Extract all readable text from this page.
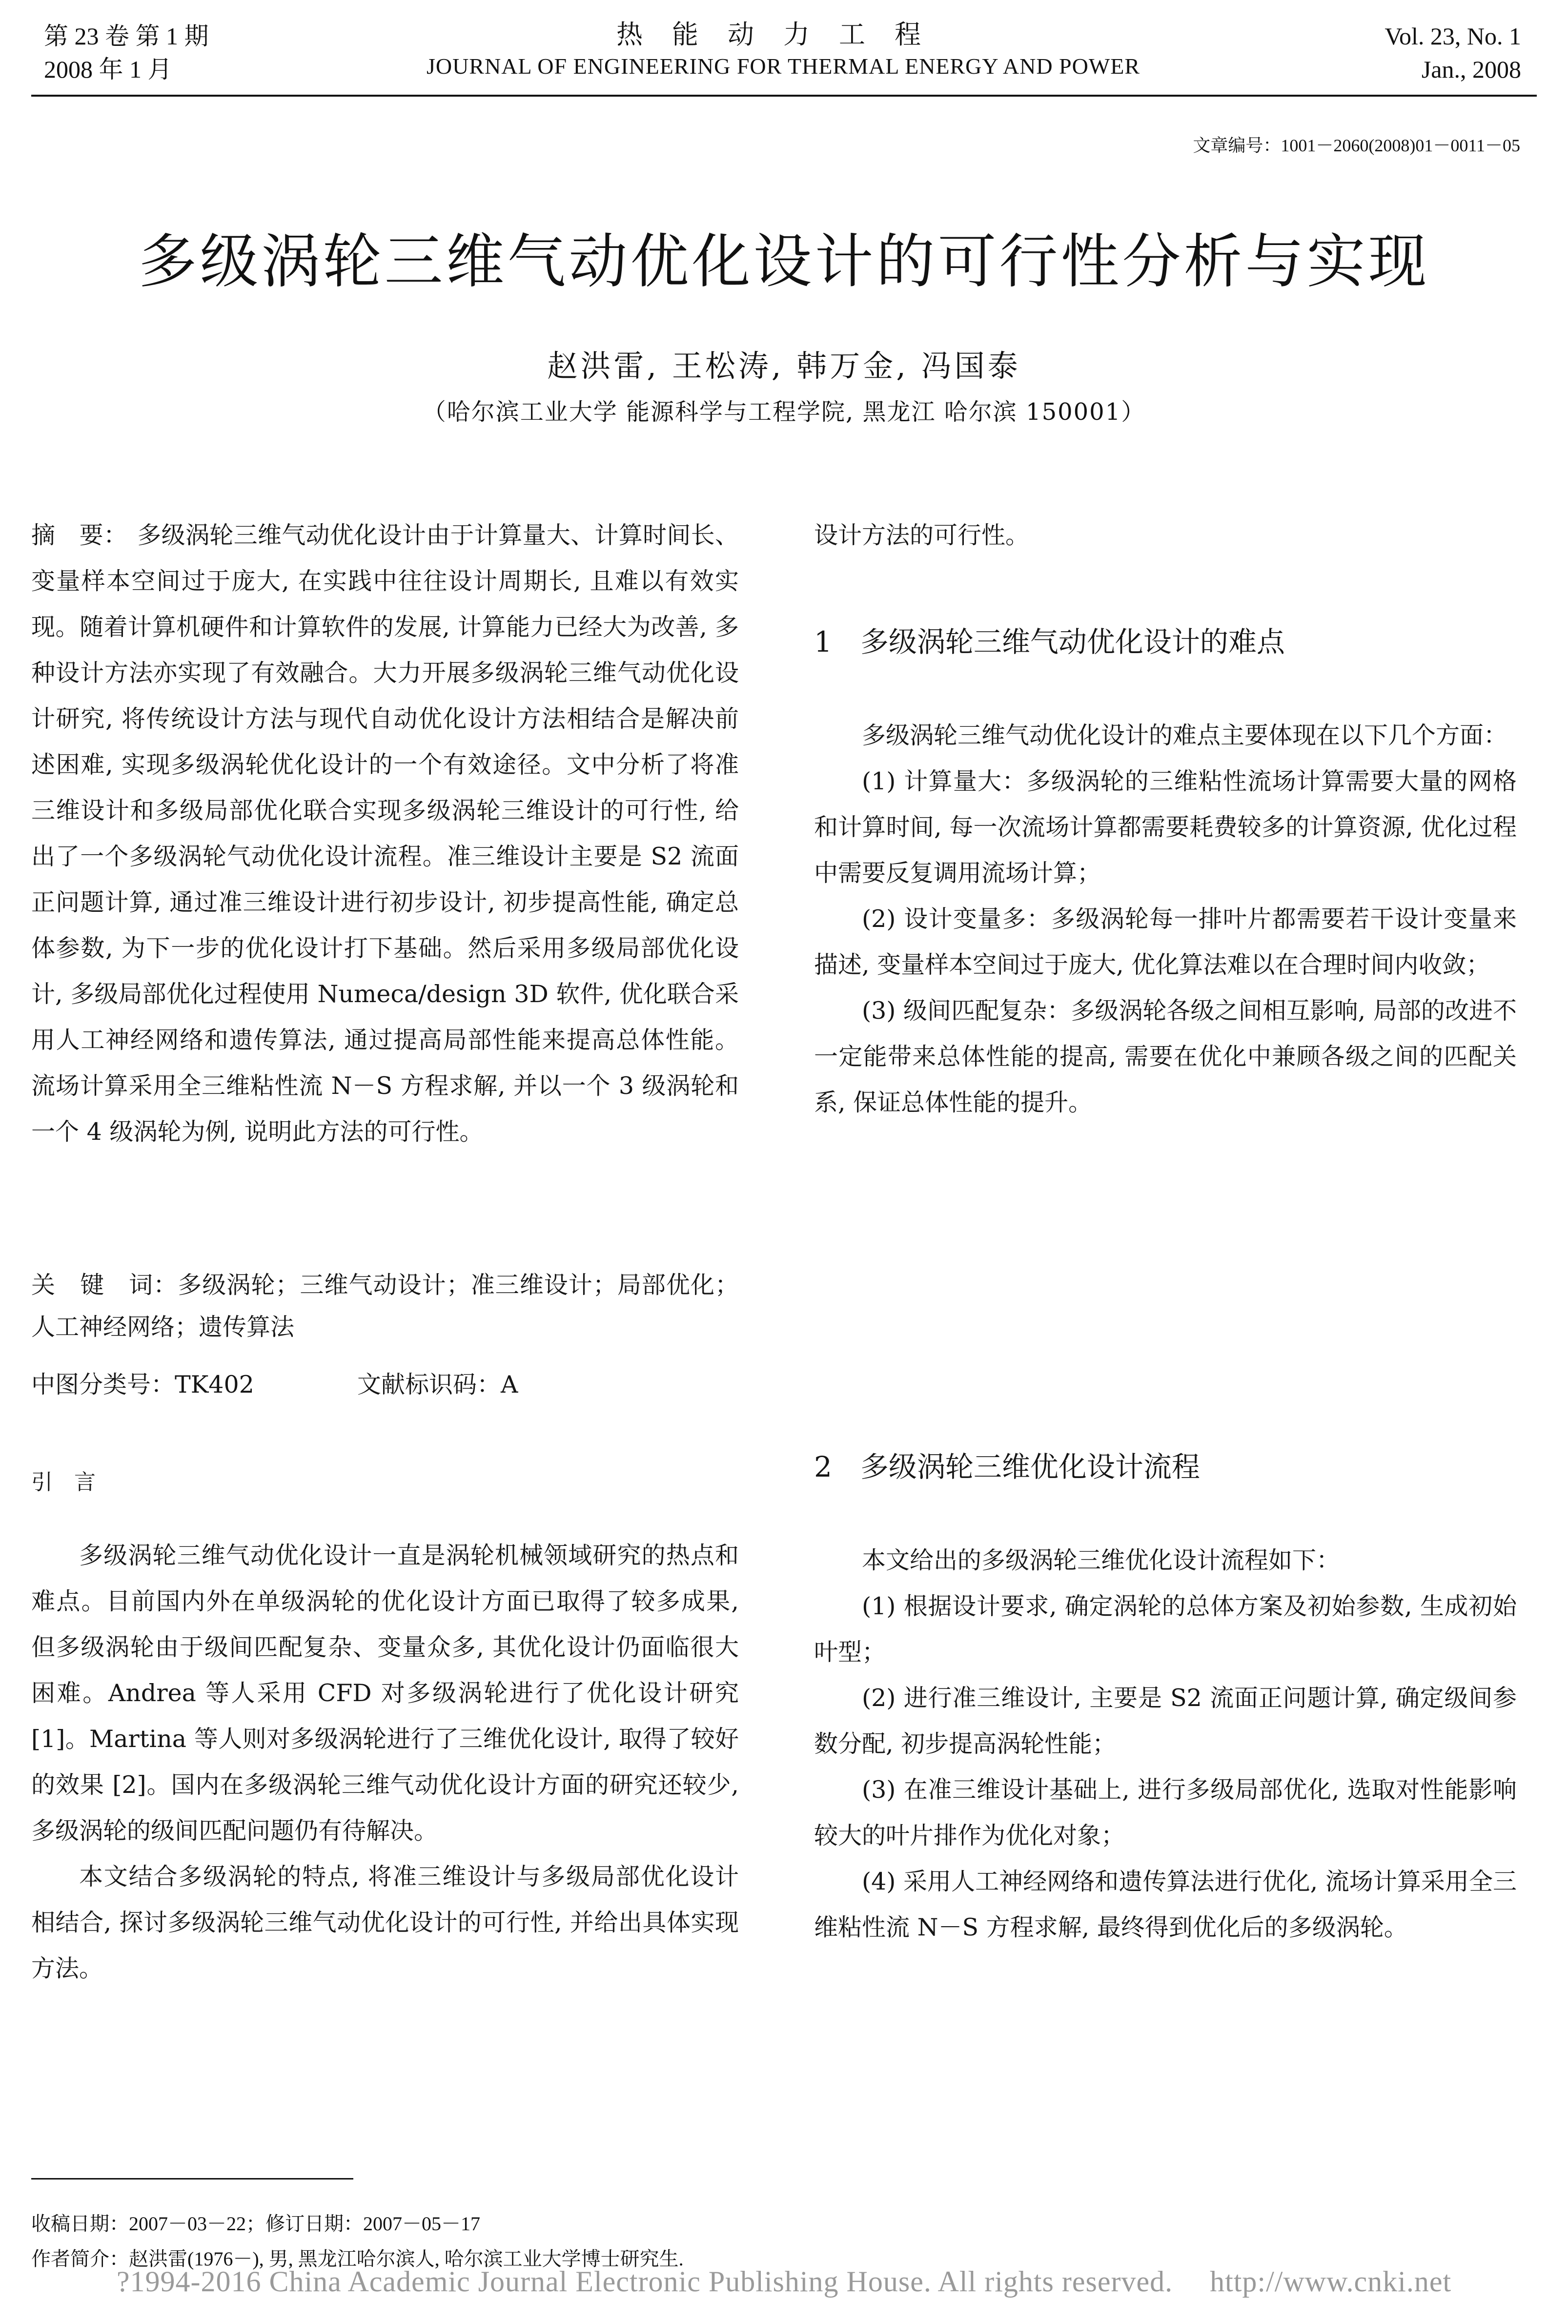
第 23 卷 第 1 期
2008 年 1 月
热能动力工程
JOURNAL OF ENGINEERING FOR THERMAL ENERGY AND POWER
Vol. 23, No. 1
Jan., 2008
文章编号：1001－2060(2008)01－0011－05
多级涡轮三维气动优化设计的可行性分析与实现
赵洪雷, 王松涛, 韩万金, 冯国泰
（哈尔滨工业大学 能源科学与工程学院, 黑龙江 哈尔滨 150001）
摘　要： 多级涡轮三维气动优化设计由于计算量大、计算时间长、变量样本空间过于庞大, 在实践中往往设计周期长, 且难以有效实现。随着计算机硬件和计算软件的发展, 计算能力已经大为改善, 多种设计方法亦实现了有效融合。大力开展多级涡轮三维气动优化设计研究, 将传统设计方法与现代自动优化设计方法相结合是解决前述困难, 实现多级涡轮优化设计的一个有效途径。文中分析了将准三维设计和多级局部优化联合实现多级涡轮三维设计的可行性, 给出了一个多级涡轮气动优化设计流程。准三维设计主要是 S2 流面正问题计算, 通过准三维设计进行初步设计, 初步提高性能, 确定总体参数, 为下一步的优化设计打下基础。然后采用多级局部优化设计, 多级局部优化过程使用 Numeca/design 3D 软件, 优化联合采用人工神经网络和遗传算法, 通过提高局部性能来提高总体性能。流场计算采用全三维粘性流 N－S 方程求解, 并以一个 3 级涡轮和一个 4 级涡轮为例, 说明此方法的可行性。
关　键　词：多级涡轮；三维气动设计；准三维设计；局部优化；人工神经网络；遗传算法
中图分类号：TK402	文献标识码：A
引　言

多级涡轮三维气动优化设计一直是涡轮机械领域研究的热点和难点。目前国内外在单级涡轮的优化设计方面已取得了较多成果, 但多级涡轮由于级间匹配复杂、变量众多, 其优化设计仍面临很大困难。Andrea 等人采用 CFD 对多级涡轮进行了优化设计研究 [1]。Martina 等人则对多级涡轮进行了三维优化设计, 取得了较好的效果 [2]。国内在多级涡轮三维气动优化设计方面的研究还较少, 多级涡轮的级间匹配问题仍有待解决。

本文结合多级涡轮的特点, 将准三维设计与多级局部优化设计相结合, 探讨多级涡轮三维气动优化设计的可行性, 并给出具体实现方法。

收稿日期：2007－03－22；修订日期：2007－05－17
作者简介：赵洪雷(1976－), 男, 黑龙江哈尔滨人, 哈尔滨工业大学博士研究生.
设计方法的可行性。
1　多级涡轮三维气动优化设计的难点

多级涡轮三维气动优化设计的难点主要体现在以下几个方面：

(1) 计算量大：多级涡轮的三维粘性流场计算需要大量的网格和计算时间, 每一次流场计算都需要耗费较多的计算资源, 优化过程中需要反复调用流场计算；

(2) 设计变量多：多级涡轮每一排叶片都需要若干设计变量来描述, 变量样本空间过于庞大, 优化算法难以在合理时间内收敛；

(3) 级间匹配复杂：多级涡轮各级之间相互影响, 局部的改进不一定能带来总体性能的提高, 需要在优化中兼顾各级之间的匹配关系, 保证总体性能的提升。

2　多级涡轮三维优化设计流程

本文给出的多级涡轮三维优化设计流程如下：

(1) 根据设计要求, 确定涡轮的总体方案及初始参数, 生成初始叶型；

(2) 进行准三维设计, 主要是 S2 流面正问题计算, 确定级间参数分配, 初步提高涡轮性能；

(3) 在准三维设计基础上, 进行多级局部优化, 选取对性能影响较大的叶片排作为优化对象；

(4) 采用人工神经网络和遗传算法进行优化, 流场计算采用全三维粘性流 N－S 方程求解, 最终得到优化后的多级涡轮。

?1994-2016 China Academic Journal Electronic Publishing House. All rights reserved. http://www.cnki.net
